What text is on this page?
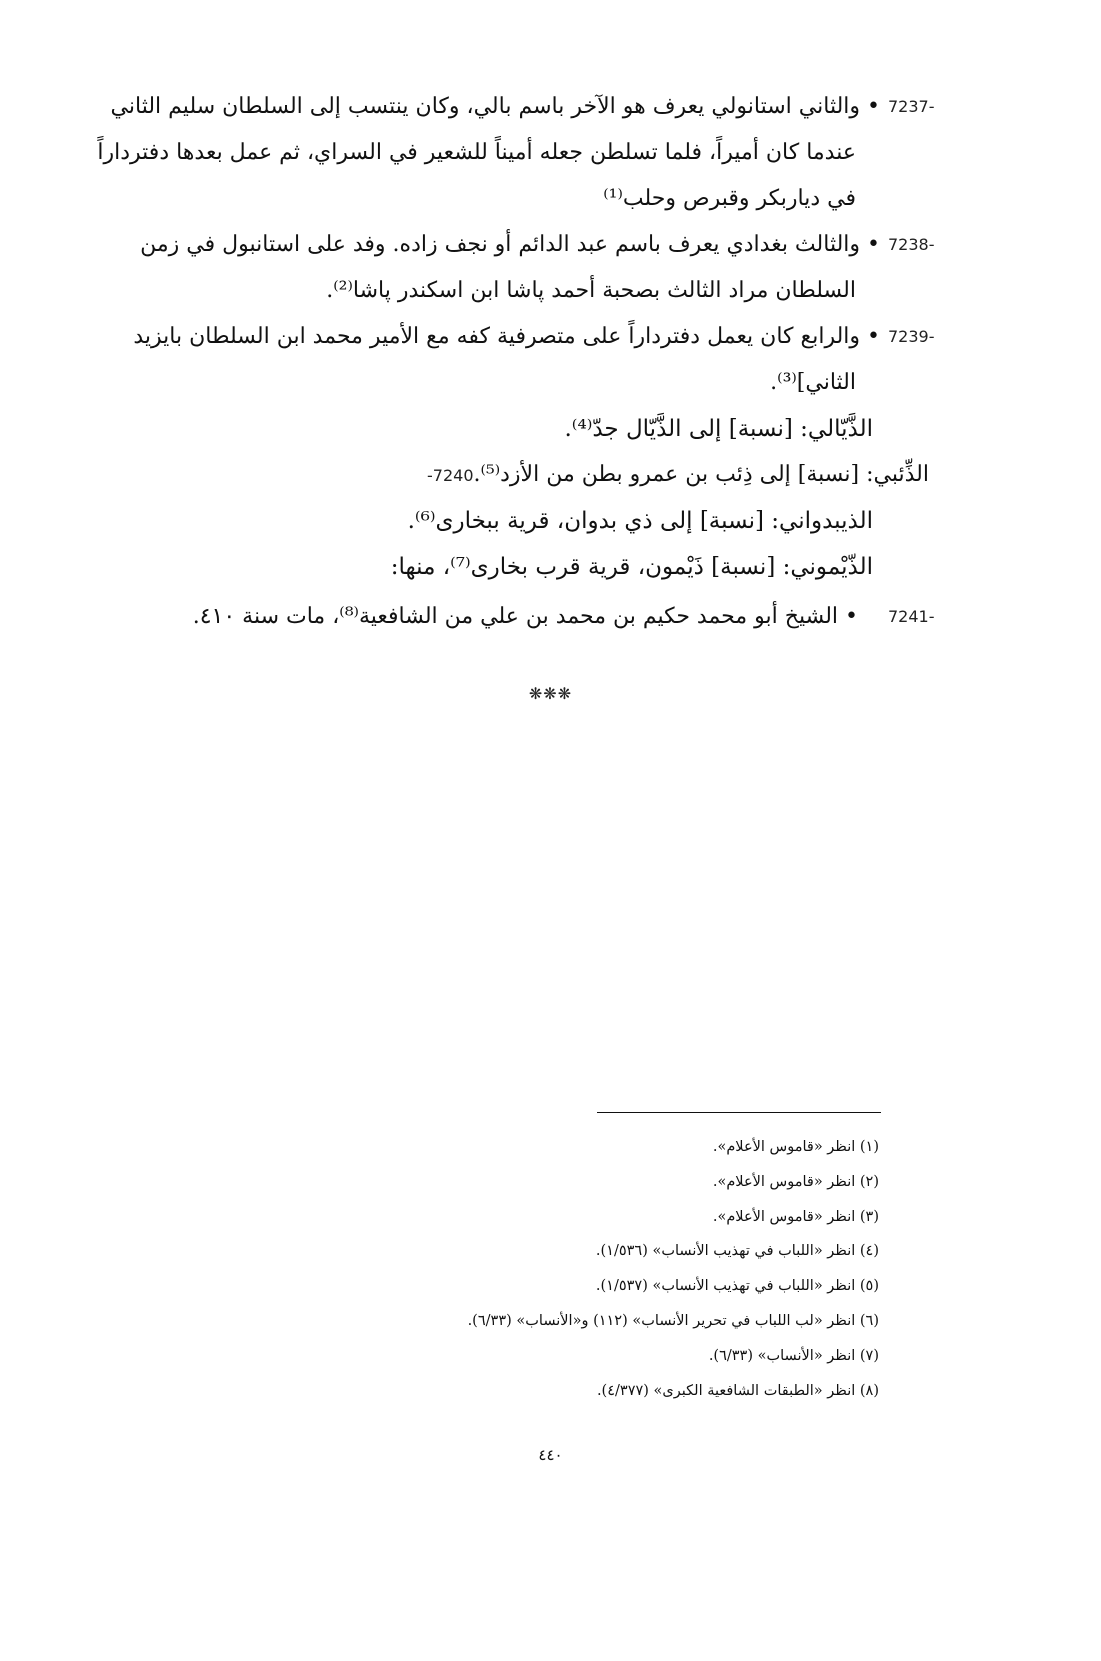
7237-
• والثاني استانولي يعرف هو الآخر باسم بالي، وكان ينتسب إلى السلطان سليم الثاني
عندما كان أميراً، فلما تسلطن جعله أميناً للشعير في السراي، ثم عمل بعدها دفترداراً
في دياربكر وقبرص وحلب⁽¹⁾
7238-
• والثالث بغدادي يعرف باسم عبد الدائم أو نجف زاده. وفد على استانبول في زمن
السلطان مراد الثالث بصحبة أحمد پاشا ابن اسكندر پاشا⁽²⁾.
7239-
• والرابع كان يعمل دفترداراً على متصرفية كفه مع الأمير محمد ابن السلطان بايزيد
الثاني]⁽³⁾.
الذَّيّالي: [نسبة] إلى الذَّيّال جدّ⁽⁴⁾.
الذِّئبي: [نسبة] إلى ذِئب بن عمرو بطن من الأزد⁽⁵⁾.7240-
الذيبدواني: [نسبة] إلى ذي بدوان، قرية ببخارى⁽⁶⁾.
الذّيْموني: [نسبة] ذَيْمون، قرية قرب بخارى⁽⁷⁾، منها:
7241-
• الشيخ أبو محمد حكيم بن محمد بن علي من الشافعية⁽⁸⁾، مات سنة ٤١٠.
❋❋❋
(١) انظر «قاموس الأعلام».
(٢) انظر «قاموس الأعلام».
(٣) انظر «قاموس الأعلام».
(٤) انظر «اللباب في تهذيب الأنساب» (١/٥٣٦).
(٥) انظر «اللباب في تهذيب الأنساب» (١/٥٣٧).
(٦) انظر «لب اللباب في تحرير الأنساب» (١١٢) و«الأنساب» (٦/٣٣).
(٧) انظر «الأنساب» (٦/٣٣).
(٨) انظر «الطبقات الشافعية الكبرى» (٤/٣٧٧).
٤٤٠
